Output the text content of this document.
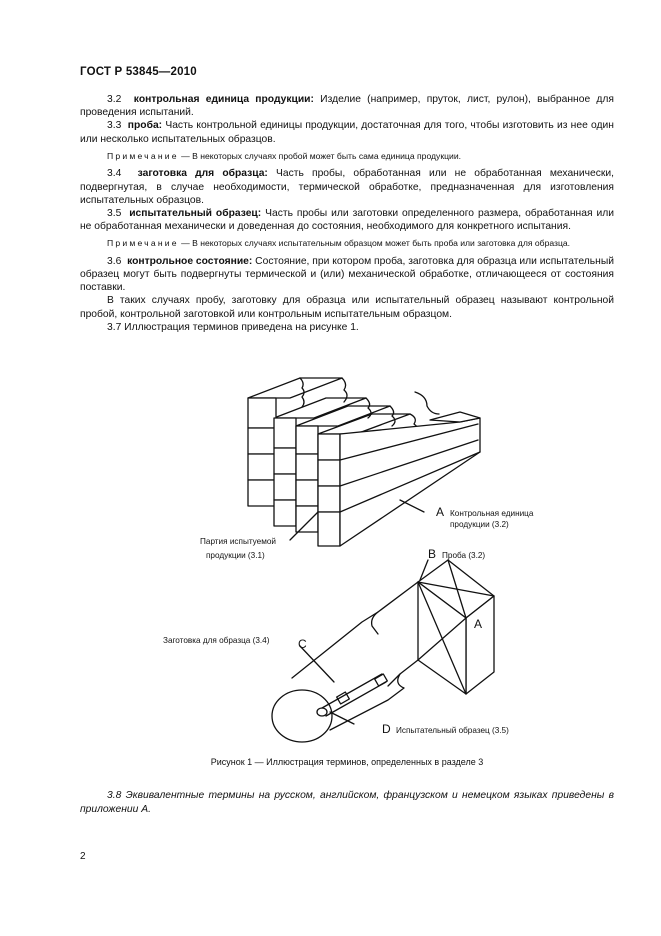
ГОСТ Р 53845—2010

3.2 контрольная единица продукции: Изделие (например, пруток, лист, рулон), выбранное для проведения испытаний.

3.3 проба: Часть контрольной единицы продукции, достаточная для того, чтобы изготовить из нее один или несколько испытательных образцов.

Примечание — В некоторых случаях пробой может быть сама единица продукции.

3.4 заготовка для образца: Часть пробы, обработанная или не обработанная механически, подвергнутая, в случае необходимости, термической обработке, предназначенная для изготовления испытательных образцов.

3.5 испытательный образец: Часть пробы или заготовки определенного размера, обработанная или не обработанная механически и доведенная до состояния, необходимого для конкретного испытания.

Примечание — В некоторых случаях испытательным образцом может быть проба или заготовка для образца.

3.6 контрольное состояние: Состояние, при котором проба, заготовка для образца или испытательный образец могут быть подвергнуты термической и (или) механической обработке, отличающееся от состояния поставки.

В таких случаях пробу, заготовку для образца или испытательный образец называют контрольной пробой, контрольной заготовкой или контрольным испытательным образцом.

3.7 Иллюстрация терминов приведена на рисунке 1.

A Контрольная единица
продукции (3.2)
Партия испытуемой
продукции (3.1)	B Проба (3.2)
A
C
Заготовка для образца (3.4)
D Испытательный образец (3.5)
Рисунок 1 — Иллюстрация терминов, определенных в разделе 3
3.8 Эквивалентные термины на русском, английском, французском и немецком языках приведены в приложении А.
2
